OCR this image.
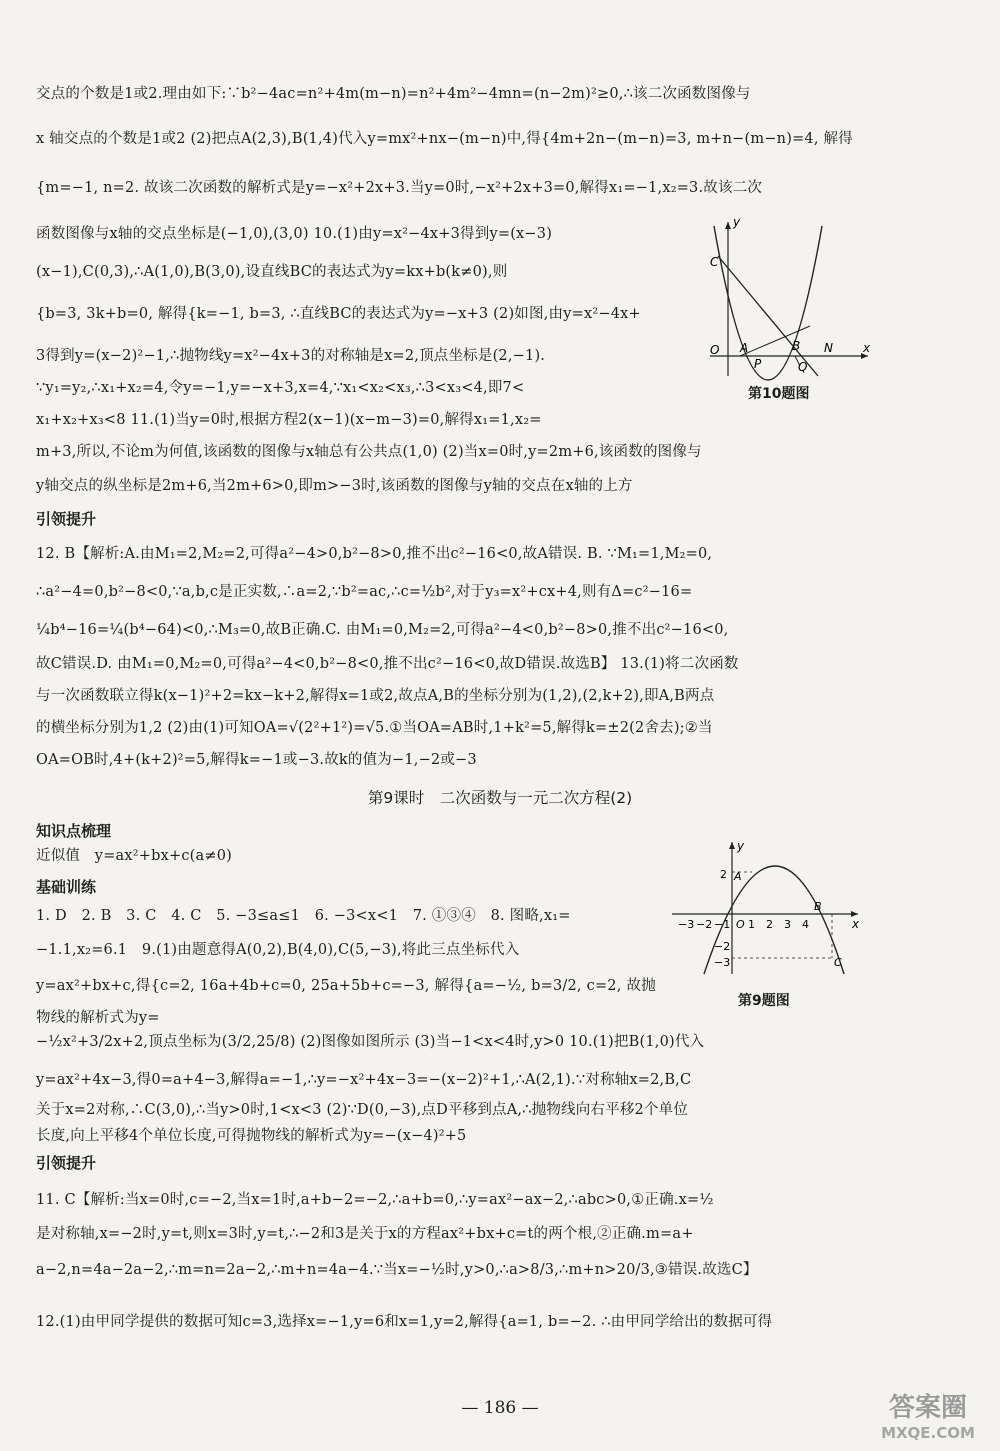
交点的个数是1或2.理由如下:∵b²−4ac=n²+4m(m−n)=n²+4m²−4mn=(n−2m)²≥0,∴该二次函数图像与
x 轴交点的个数是1或2 (2)把点A(2,3),B(1,4)代入y=mx²+nx−(m−n)中,得{4m+2n−(m−n)=3, m+n−(m−n)=4, 解得
{m=−1, n=2. 故该二次函数的解析式是y=−x²+2x+3.当y=0时,−x²+2x+3=0,解得x₁=−1,x₂=3.故该二次
函数图像与x轴的交点坐标是(−1,0),(3,0) 10.(1)由y=x²−4x+3得到y=(x−3)
(x−1),C(0,3),∴A(1,0),B(3,0),设直线BC的表达式为y=kx+b(k≠0),则
{b=3, 3k+b=0, 解得{k=−1, b=3, ∴直线BC的表达式为y=−x+3 (2)如图,由y=x²−4x+
3得到y=(x−2)²−1,∴抛物线y=x²−4x+3的对称轴是x=2,顶点坐标是(2,−1).
∵y₁=y₂,∴x₁+x₂=4,令y=−1,y=−x+3,x=4,∵x₁<x₂<x₃,∴3<x₃<4,即7<
x₁+x₂+x₃<8 11.(1)当y=0时,根据方程2(x−1)(x−m−3)=0,解得x₁=1,x₂=
y
x
C
O A
P
B
Q
N
第10题图
m+3,所以,不论m为何值,该函数的图像与x轴总有公共点(1,0) (2)当x=0时,y=2m+6,该函数的图像与
y轴交点的纵坐标是2m+6,当2m+6>0,即m>−3时,该函数的图像与y轴的交点在x轴的上方
引领提升
12. B【解析:A.由M₁=2,M₂=2,可得a²−4>0,b²−8>0,推不出c²−16<0,故A错误. B. ∵M₁=1,M₂=0,
∴a²−4=0,b²−8<0,∵a,b,c是正实数,∴a=2,∵b²=ac,∴c=½b²,对于y₃=x²+cx+4,则有Δ=c²−16=
¼b⁴−16=¼(b⁴−64)<0,∴M₃=0,故B正确.C. 由M₁=0,M₂=2,可得a²−4<0,b²−8>0,推不出c²−16<0,
故C错误.D. 由M₁=0,M₂=0,可得a²−4<0,b²−8<0,推不出c²−16<0,故D错误.故选B】 13.(1)将二次函数
与一次函数联立得k(x−1)²+2=kx−k+2,解得x=1或2,故点A,B的坐标分别为(1,2),(2,k+2),即A,B两点
的横坐标分别为1,2 (2)由(1)可知OA=√(2²+1²)=√5.①当OA=AB时,1+k²=5,解得k=±2(2舍去);②当
OA=OB时,4+(k+2)²=5,解得k=−1或−3.故k的值为−1,−2或−3
第9课时　二次函数与一元二次方程(2)
知识点梳理
近似值　y=ax²+bx+c(a≠0)
基础训练
1. D　2. B　3. C　4. C　5. −3≤a≤1　6. −3<x<1　7. ①③④　8. 图略,x₁=
−1.1,x₂=6.1　9.(1)由题意得A(0,2),B(4,0),C(5,−3),将此三点坐标代入
y=ax²+bx+c,得{c=2, 16a+4b+c=0, 25a+5b+c=−3, 解得{a=−½, b=3/2, c=2, 故抛物线的解析式为y=
y
x
A
2
B
C
−3 −2 −1 O 1 2 3 4
−2
−3
第9题图
−½x²+3/2x+2,顶点坐标为(3/2,25/8) (2)图像如图所示 (3)当−1<x<4时,y>0 10.(1)把B(1,0)代入
y=ax²+4x−3,得0=a+4−3,解得a=−1,∴y=−x²+4x−3=−(x−2)²+1,∴A(2,1).∵对称轴x=2,B,C
关于x=2对称,∴C(3,0),∴当y>0时,1<x<3 (2)∵D(0,−3),点D平移到点A,∴抛物线向右平移2个单位
长度,向上平移4个单位长度,可得抛物线的解析式为y=−(x−4)²+5
引领提升
11. C【解析:当x=0时,c=−2,当x=1时,a+b−2=−2,∴a+b=0,∴y=ax²−ax−2,∴abc>0,①正确.x=½
是对称轴,x=−2时,y=t,则x=3时,y=t,∴−2和3是关于x的方程ax²+bx+c=t的两个根,②正确.m=a+
a−2,n=4a−2a−2,∴m=n=2a−2,∴m+n=4a−4.∵当x=−½时,y>0,∴a>8/3,∴m+n>20/3,③错误.故选C】
12.(1)由甲同学提供的数据可知c=3,选择x=−1,y=6和x=1,y=2,解得{a=1, b=−2. ∴由甲同学给出的数据可得
— 186 —	答案圈
MXQE.COM
